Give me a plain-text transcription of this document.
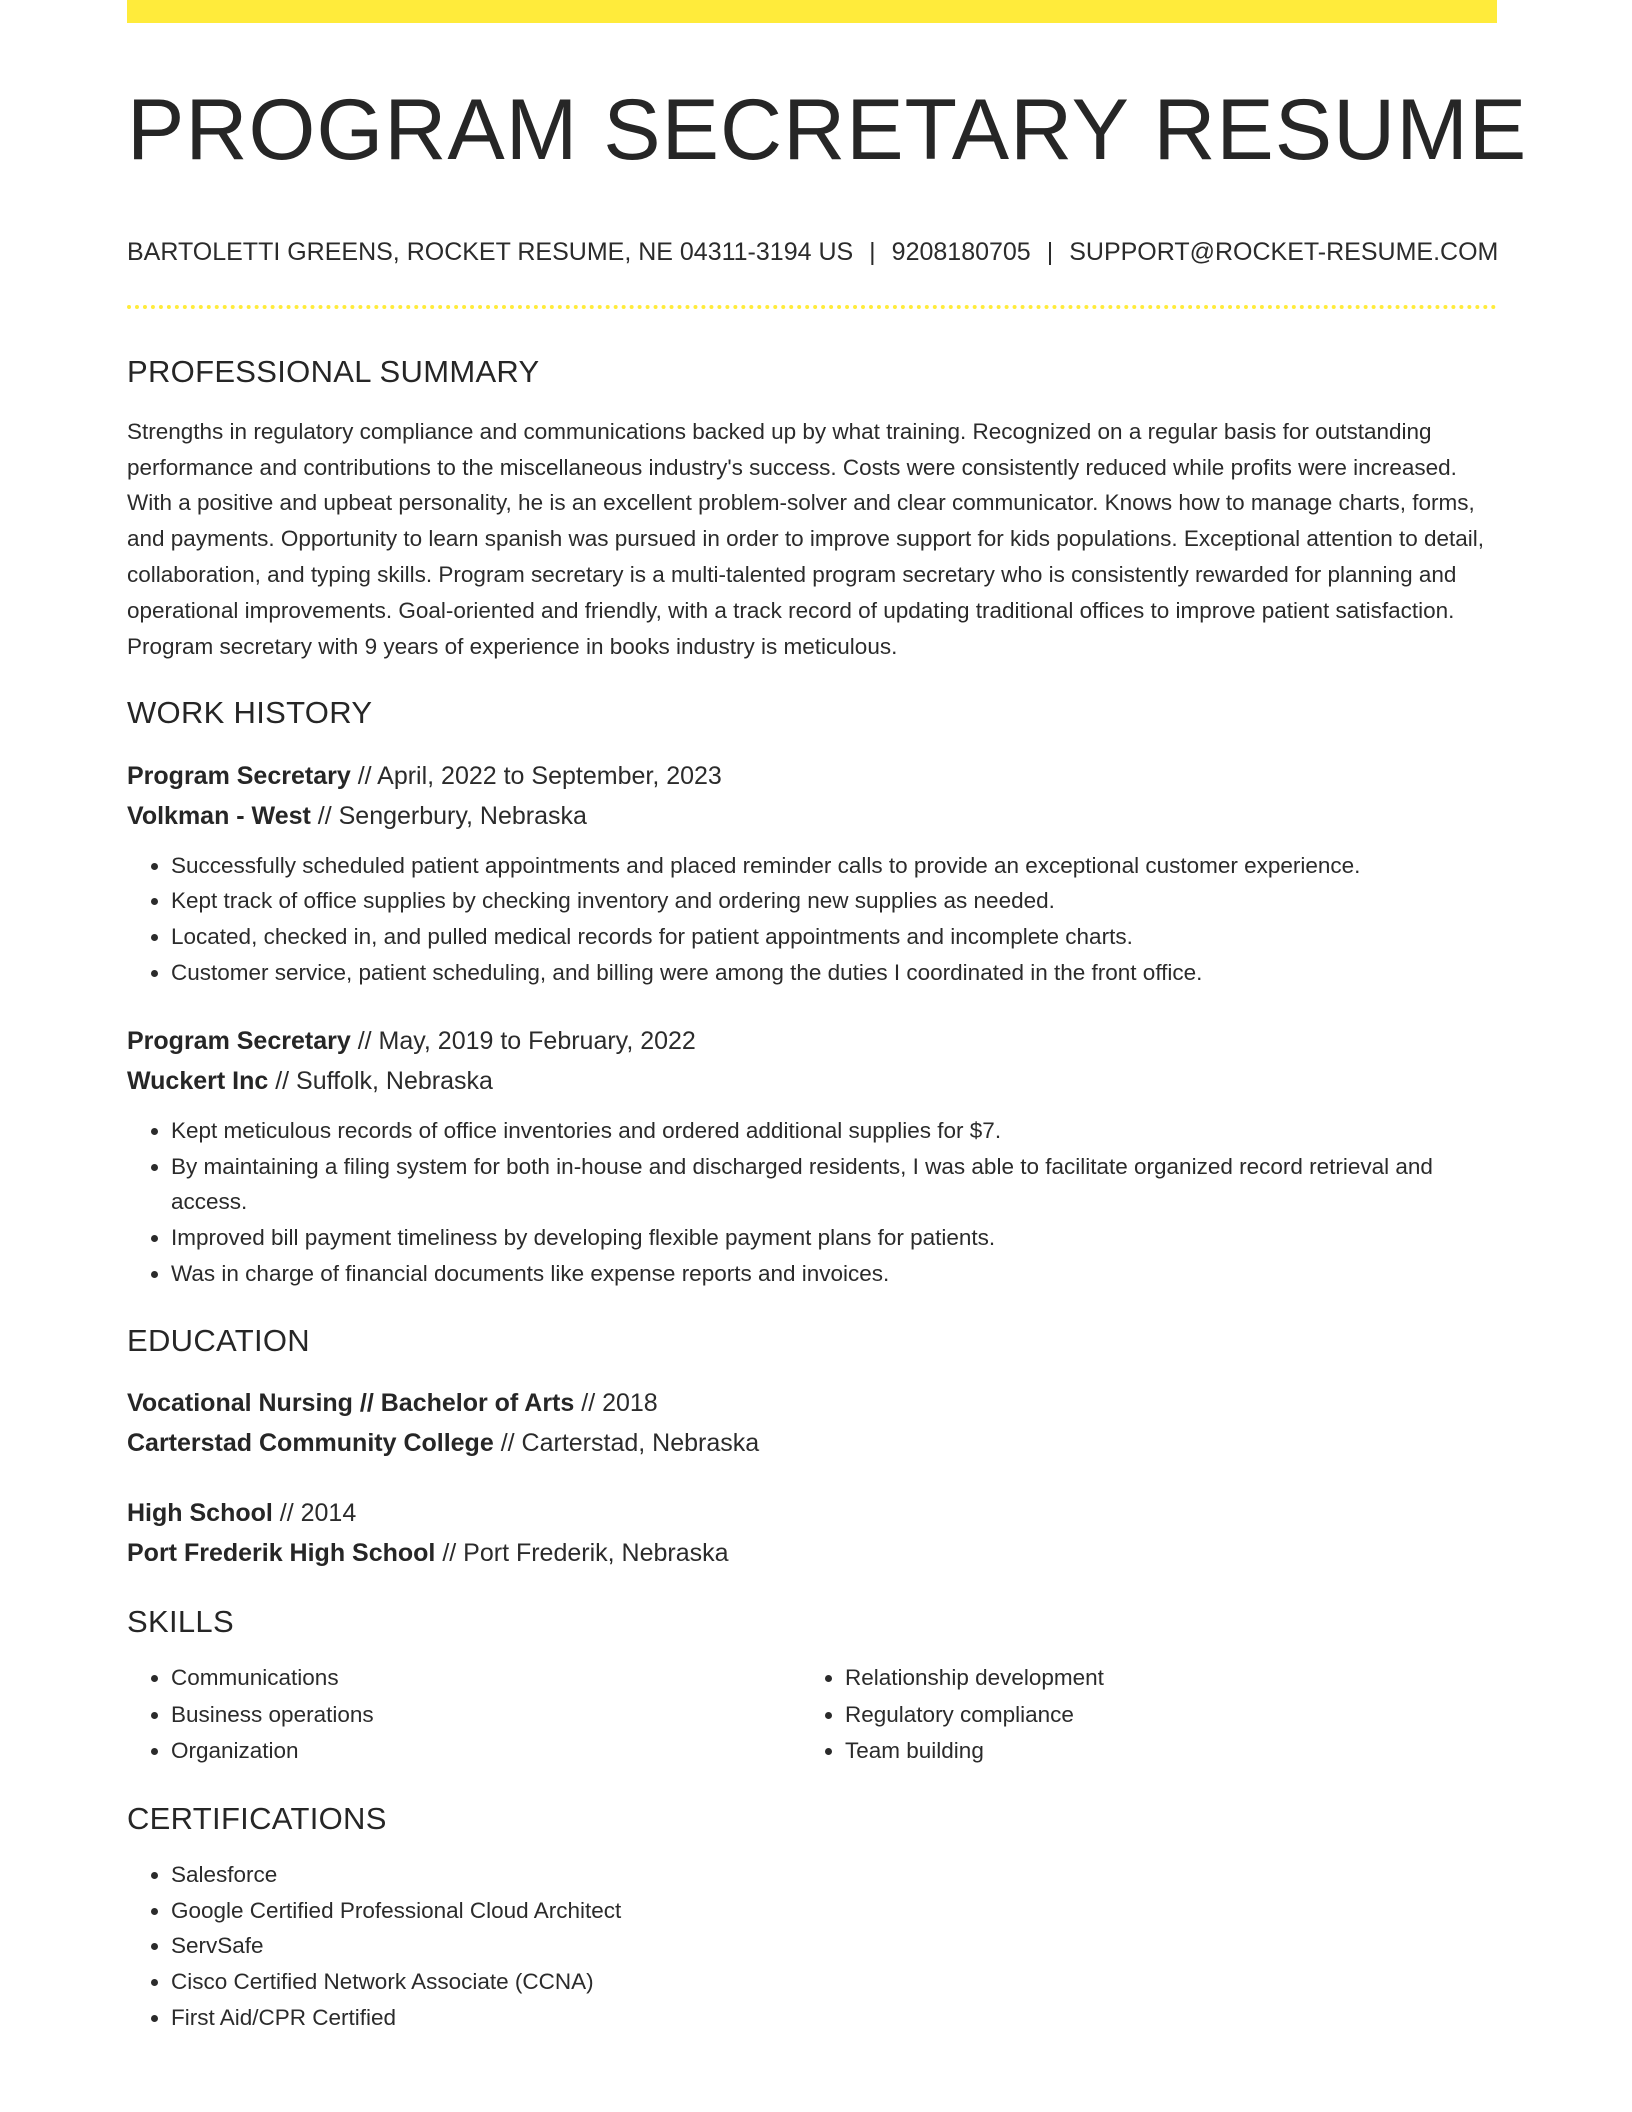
PROGRAM SECRETARY RESUME
BARTOLETTI GREENS, ROCKET RESUME, NE 04311-3194 US | 9208180705 | SUPPORT@ROCKET-RESUME.COM
PROFESSIONAL SUMMARY
Strengths in regulatory compliance and communications backed up by what training. Recognized on a regular basis for outstanding performance and contributions to the miscellaneous industry's success. Costs were consistently reduced while profits were increased. With a positive and upbeat personality, he is an excellent problem-solver and clear communicator. Knows how to manage charts, forms, and payments. Opportunity to learn spanish was pursued in order to improve support for kids populations. Exceptional attention to detail, collaboration, and typing skills. Program secretary is a multi-talented program secretary who is consistently rewarded for planning and operational improvements. Goal-oriented and friendly, with a track record of updating traditional offices to improve patient satisfaction. Program secretary with 9 years of experience in books industry is meticulous.
WORK HISTORY
Program Secretary // April, 2022 to September, 2023
Volkman - West // Sengerbury, Nebraska
• Successfully scheduled patient appointments and placed reminder calls to provide an exceptional customer experience.
• Kept track of office supplies by checking inventory and ordering new supplies as needed.
• Located, checked in, and pulled medical records for patient appointments and incomplete charts.
• Customer service, patient scheduling, and billing were among the duties I coordinated in the front office.
Program Secretary // May, 2019 to February, 2022
Wuckert Inc // Suffolk, Nebraska
• Kept meticulous records of office inventories and ordered additional supplies for $7.
• By maintaining a filing system for both in-house and discharged residents, I was able to facilitate organized record retrieval and access.
• Improved bill payment timeliness by developing flexible payment plans for patients.
• Was in charge of financial documents like expense reports and invoices.
EDUCATION
Vocational Nursing // Bachelor of Arts // 2018
Carterstad Community College // Carterstad, Nebraska
High School // 2014
Port Frederik High School // Port Frederik, Nebraska
SKILLS
• Communications
• Business operations
• Organization
• Relationship development
• Regulatory compliance
• Team building
CERTIFICATIONS
• Salesforce
• Google Certified Professional Cloud Architect
• ServSafe
• Cisco Certified Network Associate (CCNA)
• First Aid/CPR Certified
